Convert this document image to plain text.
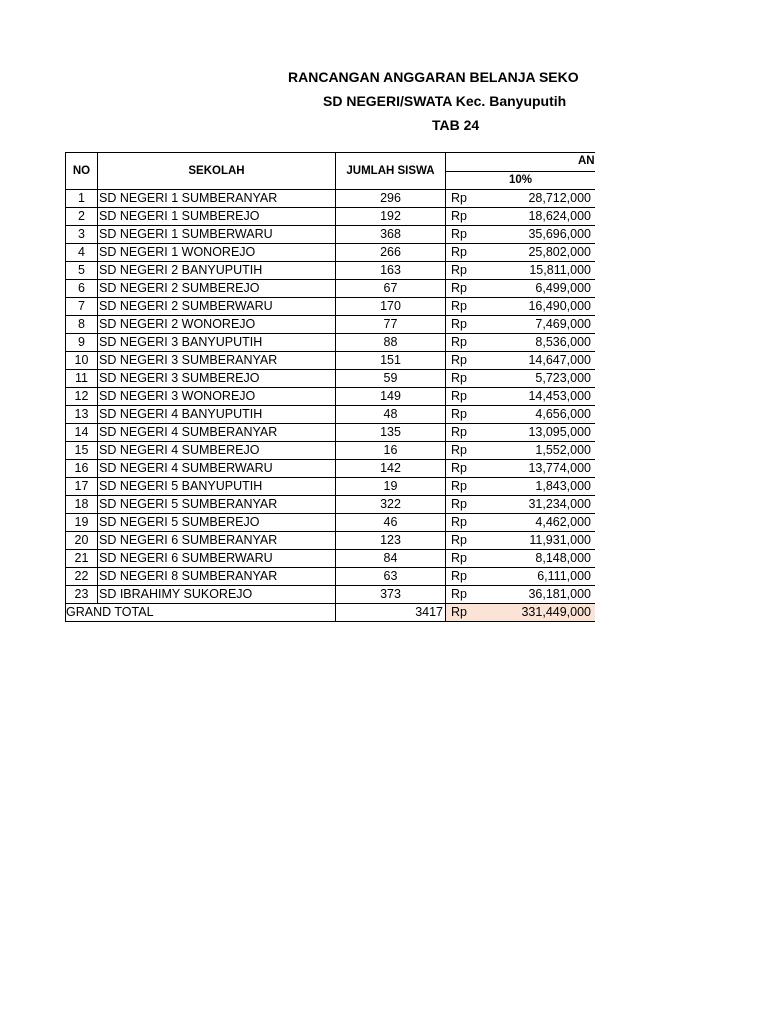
RANCANGAN ANGGARAN BELANJA SEKO
SD NEGERI/SWATA Kec. Banyuputih
TAB 24
NO	SEKOLAH	JUMLAH SISWA	AN		
			10%		
1	SD NEGERI 1 SUMBERANYAR	296	Rp	28,712,000	
2	SD NEGERI 1 SUMBEREJO	192	Rp	18,624,000	
3	SD NEGERI 1 SUMBERWARU	368	Rp	35,696,000	
4	SD NEGERI 1 WONOREJO	266	Rp	25,802,000	
5	SD NEGERI 2 BANYUPUTIH	163	Rp	15,811,000	
6	SD NEGERI 2 SUMBEREJO	67	Rp	6,499,000	
7	SD NEGERI 2 SUMBERWARU	170	Rp	16,490,000	
8	SD NEGERI 2 WONOREJO	77	Rp	7,469,000	
9	SD NEGERI 3 BANYUPUTIH	88	Rp	8,536,000	
10	SD NEGERI 3 SUMBERANYAR	151	Rp	14,647,000	
11	SD NEGERI 3 SUMBEREJO	59	Rp	5,723,000	
12	SD NEGERI 3 WONOREJO	149	Rp	14,453,000	
13	SD NEGERI 4 BANYUPUTIH	48	Rp	4,656,000	
14	SD NEGERI 4 SUMBERANYAR	135	Rp	13,095,000	
15	SD NEGERI 4 SUMBEREJO	16	Rp	1,552,000	
16	SD NEGERI 4 SUMBERWARU	142	Rp	13,774,000	
17	SD NEGERI 5 BANYUPUTIH	19	Rp	1,843,000	
18	SD NEGERI 5 SUMBERANYAR	322	Rp	31,234,000	
19	SD NEGERI 5 SUMBEREJO	46	Rp	4,462,000	
20	SD NEGERI 6 SUMBERANYAR	123	Rp	11,931,000	
21	SD NEGERI 6 SUMBERWARU	84	Rp	8,148,000	
22	SD NEGERI 8 SUMBERANYAR	63	Rp	6,111,000	
23	SD IBRAHIMY SUKOREJO	373	Rp	36,181,000	
GRAND TOTAL		3417	Rp	331,449,000	
